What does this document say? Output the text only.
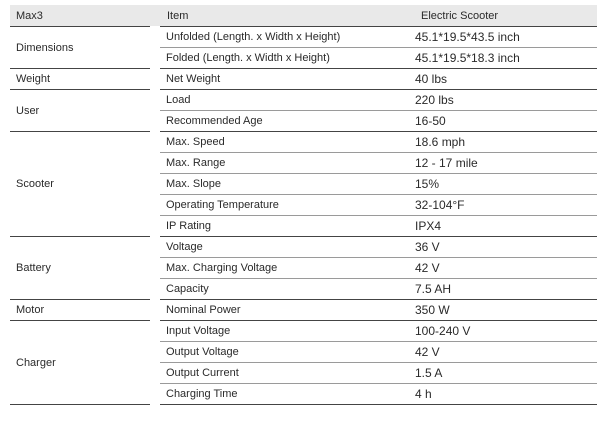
Max3	Item	Electric Scooter
Dimensions	Unfolded (Length. x Width x Height)	45.1*19.5*43.5 inch
	Folded (Length. x Width x Height)	45.1*19.5*18.3 inch
Weight	Net Weight	40 lbs
User	Load	220 lbs
	Recommended Age	16-50
Scooter	Max. Speed	18.6 mph
	Max. Range	12 - 17 mile
	Max. Slope	15%
	Operating Temperature	32-104°F
	IP Rating	IPX4
Battery	Voltage	36 V
	Max. Charging Voltage	42 V
	Capacity	7.5 AH
Motor	Nominal Power	350 W
Charger	Input Voltage	100-240 V
	Output Voltage	42 V
	Output Current	1.5 A
	Charging Time	4 h
